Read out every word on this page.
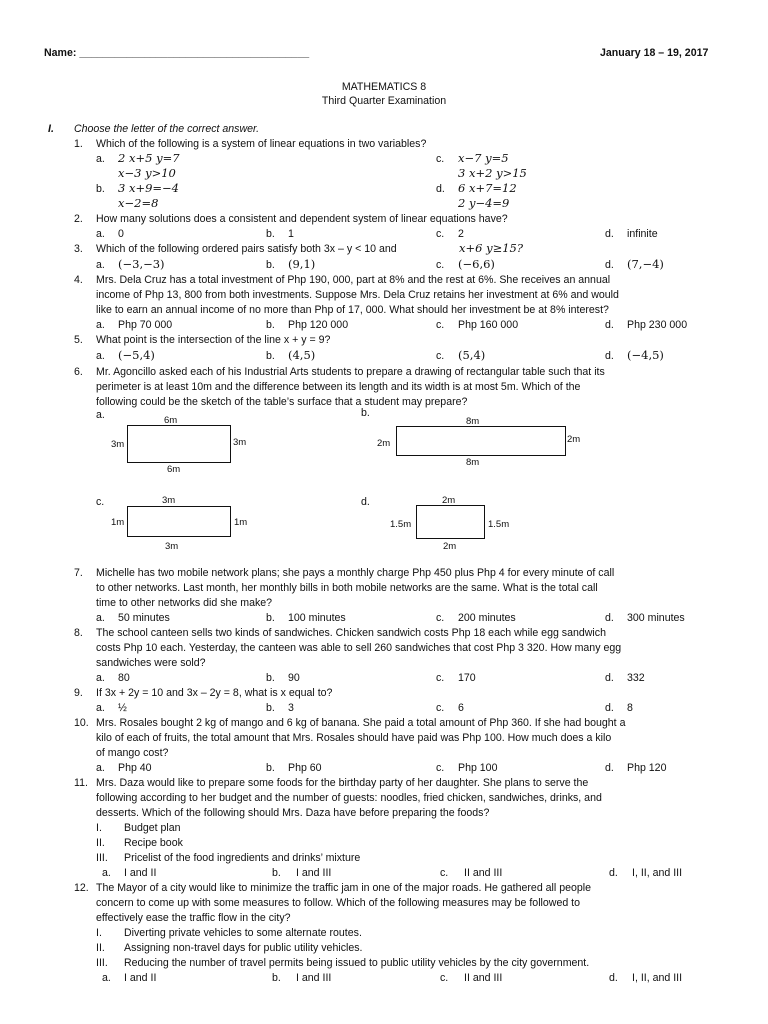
Name: _______________________________________	January 18 – 19, 2017
MATHEMATICS 8
Third Quarter Examination
I. Choose the letter of the correct answer.
1. Which of the following is a system of linear equations in two variables?
a. 2 x+5 y=7
x−3 y>10
b. 3 x+9=−4
x−2=8
c. x−7 y=5
3 x+2 y>15
d. 6 x+7=12
2 y−4=9
2. How many solutions does a consistent and dependent system of linear equations have?
a. 0	b. 1	c. 2	d. infinite
3. Which of the following ordered pairs satisfy both 3x – y < 10 and	x+6 y≥15?
a. (−3,−3)	b. (9,1)	c. (−6,6)	d. (7,−4)
4. Mrs. Dela Cruz has a total investment of Php 190, 000, part at 8% and the rest at 6%. She receives an annual
income of Php 13, 800 from both investments. Suppose Mrs. Dela Cruz retains her investment at 6% and would
like to earn an annual income of no more than Php of 17, 000. What should her investment be at 8% interest?
a. Php 70 000	b. Php 120 000	c. Php 160 000	d. Php 230 000
5. What point is the intersection of the line x + y = 9?
a. (−5,4)	b. (4,5)	c. (5,4)	d. (−4,5)
6. Mr. Agoncillo asked each of his Industrial Arts students to prepare a drawing of rectangular table such that its
perimeter is at least 10m and the difference between its length and its width is at most 5m. Which of the
following could be the sketch of the table’s surface that a student may prepare?
a.	6m
6m
3m	3m
b.
8m
8m
2m	2m
c.	3m
3m
1m	1m
d.	2m
2m
1.5m	1.5m
7. Michelle has two mobile network plans; she pays a monthly charge Php 450 plus Php 4 for every minute of call
to other networks. Last month, her monthly bills in both mobile networks are the same. What is the total call
time to other networks did she make?
a. 50 minutes	b. 100 minutes	c. 200 minutes	d. 300 minutes
8. The school canteen sells two kinds of sandwiches. Chicken sandwich costs Php 18 each while egg sandwich
costs Php 10 each. Yesterday, the canteen was able to sell 260 sandwiches that cost Php 3 320. How many egg
sandwiches were sold?
a. 80	b. 90	c. 170	d. 332
9. If 3x + 2y = 10 and 3x – 2y = 8, what is x equal to?
a. ½	b. 3	c. 6	d. 8
10. Mrs. Rosales bought 2 kg of mango and 6 kg of banana. She paid a total amount of Php 360. If she had bought a
kilo of each of fruits, the total amount that Mrs. Rosales should have paid was Php 100. How much does a kilo
of mango cost?
a. Php 40	b. Php 60	c. Php 100	d. Php 120
11. Mrs. Daza would like to prepare some foods for the birthday party of her daughter. She plans to serve the
following according to her budget and the number of guests: noodles, fried chicken, sandwiches, drinks, and
desserts. Which of the following should Mrs. Daza have before preparing the foods?
I. Budget plan
II. Recipe book
III. Pricelist of the food ingredients and drinks’ mixture
a. I and II	b. I and III	c. II and III	d. I, II, and III
12. The Mayor of a city would like to minimize the traffic jam in one of the major roads. He gathered all people
concern to come up with some measures to follow. Which of the following measures may be followed to
effectively ease the traffic flow in the city?
I. Diverting private vehicles to some alternate routes.
II. Assigning non-travel days for public utility vehicles.
III. Reducing the number of travel permits being issued to public utility vehicles by the city government.
a. I and II	b. I and III	c. II and III	d. I, II, and III
